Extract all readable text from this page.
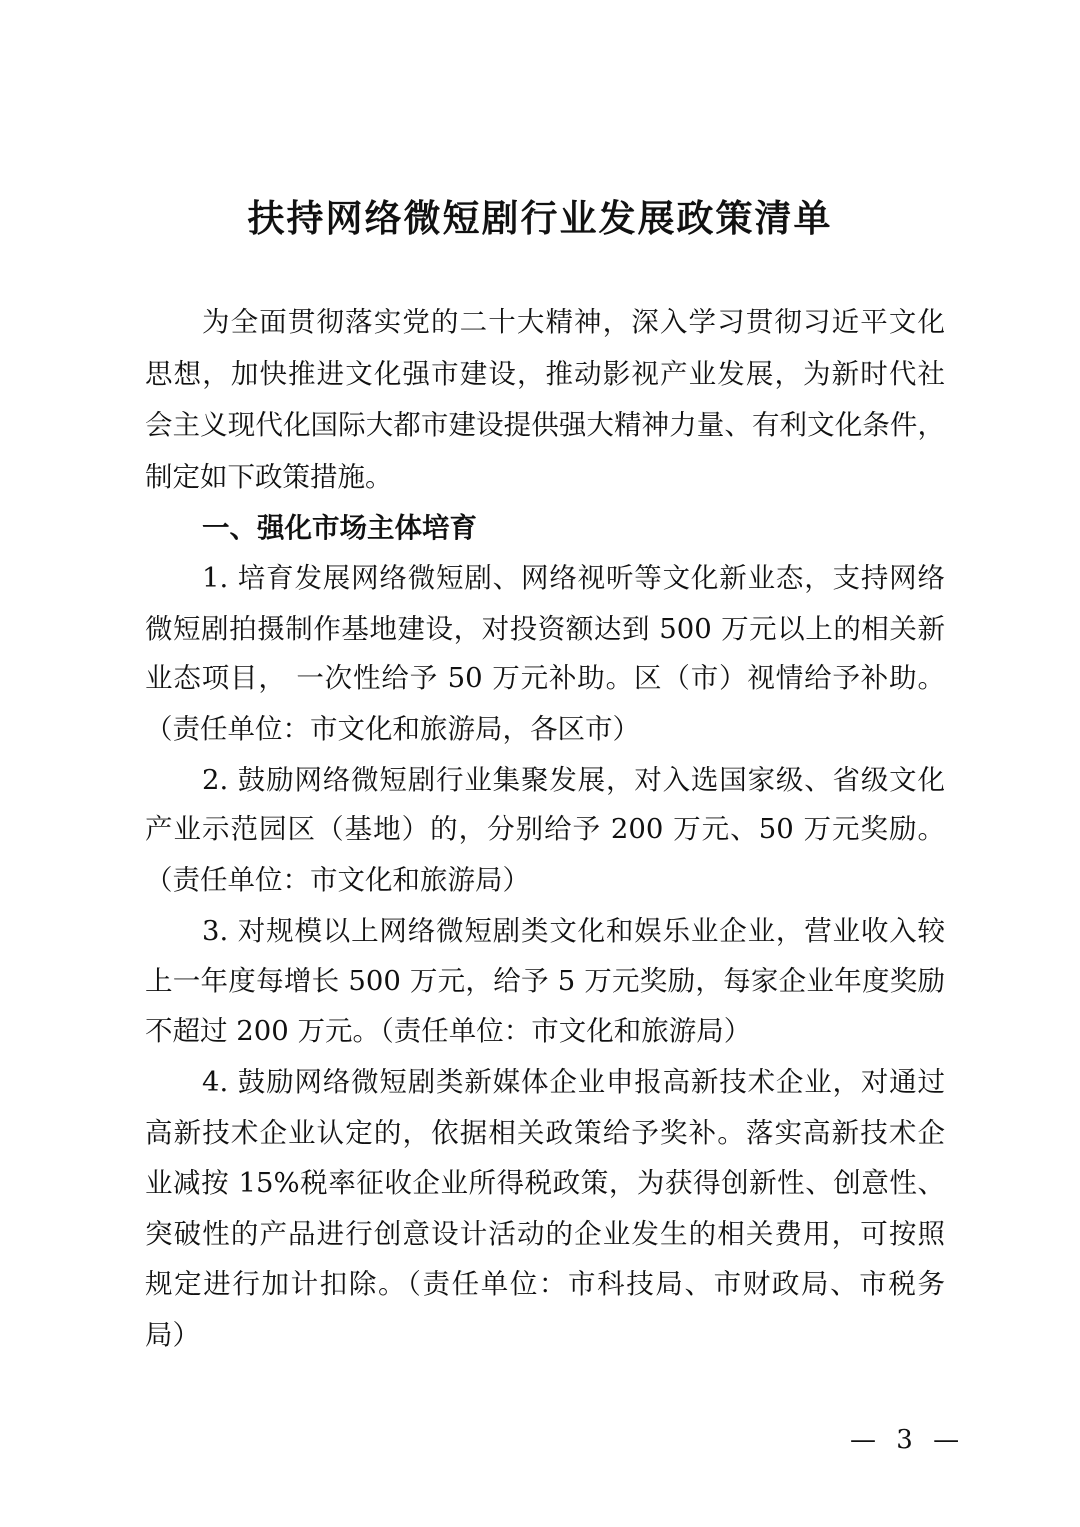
扶持网络微短剧行业发展政策清单
为全面贯彻落实党的二十大精神，深入学习贯彻习近平文化
思想，加快推进文化强市建设，推动影视产业发展，为新时代社
会主义现代化国际大都市建设提供强大精神力量、有利文化条件，
制定如下政策措施。
一、强化市场主体培育
1. 培育发展网络微短剧、网络视听等文化新业态，支持网络
微短剧拍摄制作基地建设，对投资额达到 500 万元以上的相关新
业态项目， 一次性给予 50 万元补助。区（市）视情给予补助。
（责任单位：市文化和旅游局，各区市）
2. 鼓励网络微短剧行业集聚发展，对入选国家级、省级文化
产业示范园区（基地）的，分别给予 200 万元、50 万元奖励。
（责任单位：市文化和旅游局）
3. 对规模以上网络微短剧类文化和娱乐业企业，营业收入较
上一年度每增长 500 万元，给予 5 万元奖励，每家企业年度奖励
不超过 200 万元。（责任单位：市文化和旅游局）
4. 鼓励网络微短剧类新媒体企业申报高新技术企业，对通过
高新技术企业认定的，依据相关政策给予奖补。落实高新技术企
业减按 15%税率征收企业所得税政策，为获得创新性、创意性、
突破性的产品进行创意设计活动的企业发生的相关费用，可按照
规定进行加计扣除。（责任单位：市科技局、市财政局、市税务
局）
— 3 —
